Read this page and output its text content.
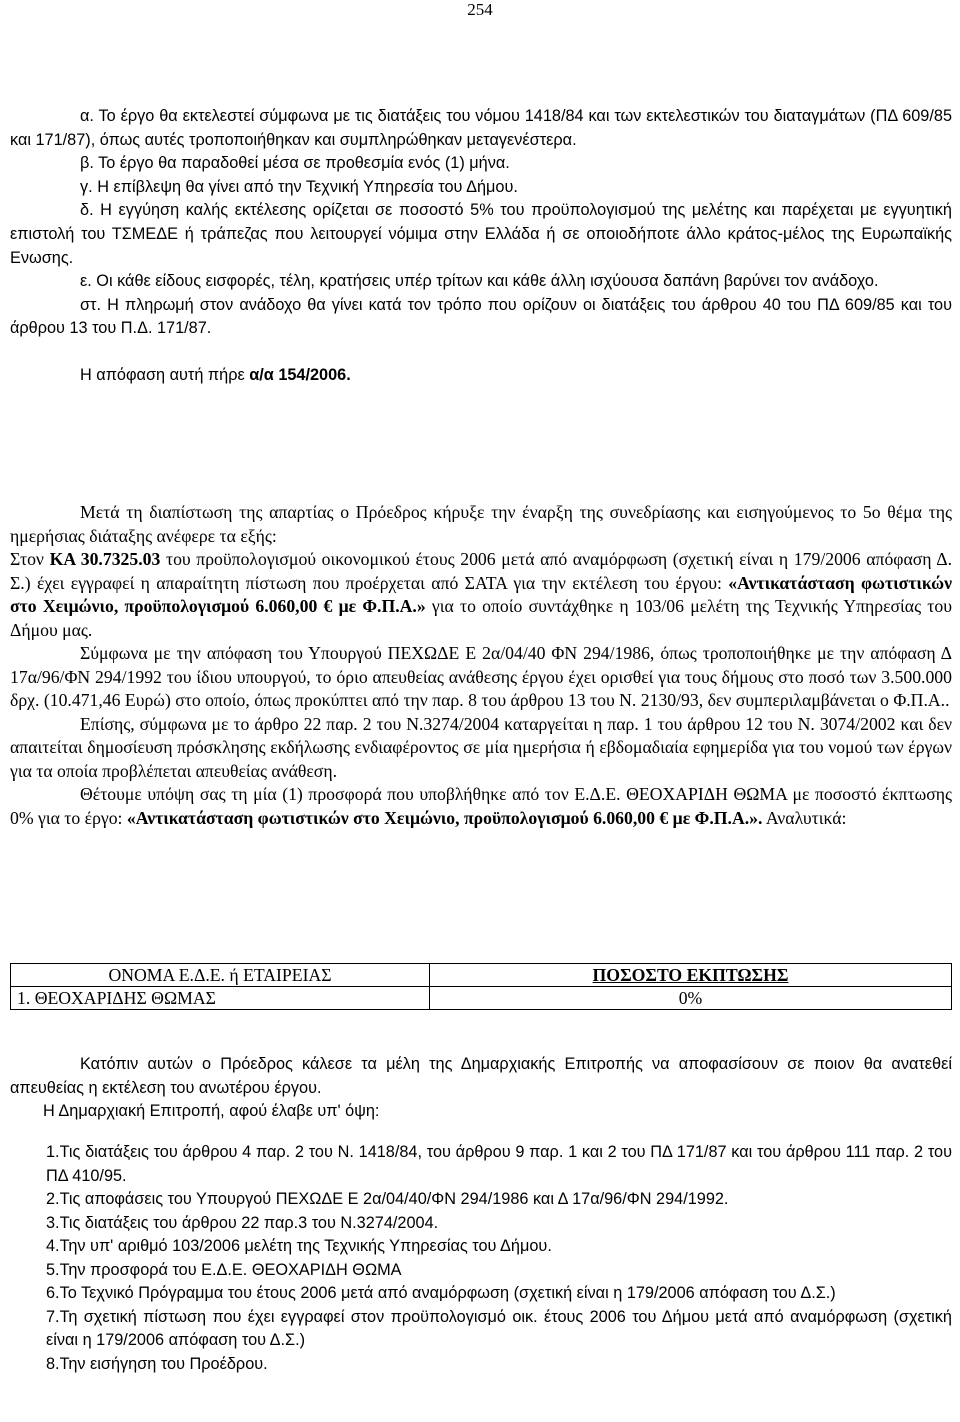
254

α. Το έργο θα εκτελεστεί σύμφωνα με τις διατάξεις του νόμου 1418/84 και των εκτελεστικών του διαταγμάτων (ΠΔ 609/85 και 171/87), όπως αυτές τροποποιήθηκαν και συμπληρώθηκαν μεταγενέστερα.

β. Το έργο θα παραδοθεί μέσα σε προθεσμία ενός (1) μήνα.

γ. Η επίβλεψη θα γίνει από την Τεχνική Υπηρεσία του Δήμου.

δ. Η εγγύηση καλής εκτέλεσης ορίζεται σε ποσοστό 5% του προϋπολογισμού της μελέτης και παρέχεται με εγγυητική επιστολή του ΤΣΜΕΔΕ ή τράπεζας που λειτουργεί νόμιμα στην Ελλάδα ή σε οποιοδήποτε άλλο κράτος-μέλος της Ευρωπαϊκής Ενωσης.

ε. Οι κάθε είδους εισφορές, τέλη, κρατήσεις υπέρ τρίτων και κάθε άλλη ισχύουσα δαπάνη βαρύνει τον ανάδοχο.

στ. Η πληρωμή στον ανάδοχο θα γίνει κατά τον τρόπο που ορίζουν οι διατάξεις του άρθρου 40 του ΠΔ 609/85 και του άρθρου 13 του Π.Δ. 171/87.

Η απόφαση αυτή πήρε α/α 154/2006.

Μετά τη διαπίστωση της απαρτίας ο Πρόεδρος κήρυξε την έναρξη της συνεδρίασης και εισηγούμενος το 5ο θέμα της ημερήσιας διάταξης ανέφερε τα εξής:

Στον ΚΑ 30.7325.03 του προϋπολογισμού οικονομικού έτους 2006 μετά από αναμόρφωση (σχετική είναι η 179/2006 απόφαση Δ. Σ.) έχει εγγραφεί η απαραίτητη πίστωση που προέρχεται από ΣΑΤΑ για την εκτέλεση του έργου: «Αντικατάσταση φωτιστικών στο Χειμώνιο, προϋπολογισμού 6.060,00 € με Φ.Π.Α.» για το οποίο συντάχθηκε η 103/06 μελέτη της Τεχνικής Υπηρεσίας του Δήμου μας.

Σύμφωνα με την απόφαση του Υπουργού ΠΕΧΩΔΕ Ε 2α/04/40 ΦΝ 294/1986, όπως τροποποιήθηκε με την απόφαση Δ 17α/96/ΦΝ 294/1992 του ίδιου υπουργού, το όριο απευθείας ανάθεσης έργου έχει ορισθεί για τους δήμους στο ποσό των 3.500.000 δρχ. (10.471,46 Ευρώ) στο οποίο, όπως προκύπτει από την παρ. 8 του άρθρου 13 του Ν. 2130/93, δεν συμπεριλαμβάνεται ο Φ.Π.Α..

Επίσης, σύμφωνα με το άρθρο 22 παρ. 2 του Ν.3274/2004 καταργείται η παρ. 1 του άρθρου 12 του Ν. 3074/2002 και δεν απαιτείται δημοσίευση πρόσκλησης εκδήλωσης ενδιαφέροντος σε μία ημερήσια ή εβδομαδιαία εφημερίδα για του νομού των έργων για τα οποία προβλέπεται απευθείας ανάθεση.

Θέτουμε υπόψη σας τη μία (1) προσφορά που υποβλήθηκε από τον Ε.Δ.Ε. ΘΕΟΧΑΡΙΔΗ ΘΩΜΑ με ποσοστό έκπτωσης 0% για το έργο: «Αντικατάσταση φωτιστικών στο Χειμώνιο, προϋπολογισμού 6.060,00 € με Φ.Π.Α.». Αναλυτικά:

ΟΝΟΜΑ Ε.Δ.Ε. ή ΕΤΑΙΡΕΙΑΣ	ΠΟΣΟΣΤΟ ΕΚΠΤΩΣΗΣ
1. ΘΕΟΧΑΡΙΔΗΣ ΘΩΜΑΣ	0%

Κατόπιν αυτών ο Πρόεδρος κάλεσε τα μέλη της Δημαρχιακής Επιτροπής να αποφασίσουν σε ποιον θα ανατεθεί απευθείας η εκτέλεση του ανωτέρου έργου.

Η Δημαρχιακή Επιτροπή, αφού έλαβε υπ' όψη:

1.Τις διατάξεις του άρθρου 4 παρ. 2 του Ν. 1418/84, του άρθρου 9 παρ. 1 και 2 του ΠΔ 171/87 και του άρθρου 111 παρ. 2 του ΠΔ 410/95.

2.Τις αποφάσεις του Υπουργού ΠΕΧΩΔΕ Ε 2α/04/40/ΦΝ 294/1986 και Δ 17α/96/ΦΝ 294/1992.

3.Τις διατάξεις του άρθρου 22 παρ.3 του Ν.3274/2004.

4.Την υπ' αριθμό 103/2006 μελέτη της Τεχνικής Υπηρεσίας του Δήμου.

5.Την προσφορά του Ε.Δ.Ε. ΘΕΟΧΑΡΙΔΗ ΘΩΜΑ

6.Το Τεχνικό Πρόγραμμα του έτους 2006 μετά από αναμόρφωση (σχετική είναι η 179/2006 απόφαση του Δ.Σ.)

7.Τη σχετική πίστωση που έχει εγγραφεί στον προϋπολογισμό οικ. έτους 2006 του Δήμου μετά από αναμόρφωση (σχετική είναι η 179/2006 απόφαση του Δ.Σ.)

8.Την εισήγηση του Προέδρου.
